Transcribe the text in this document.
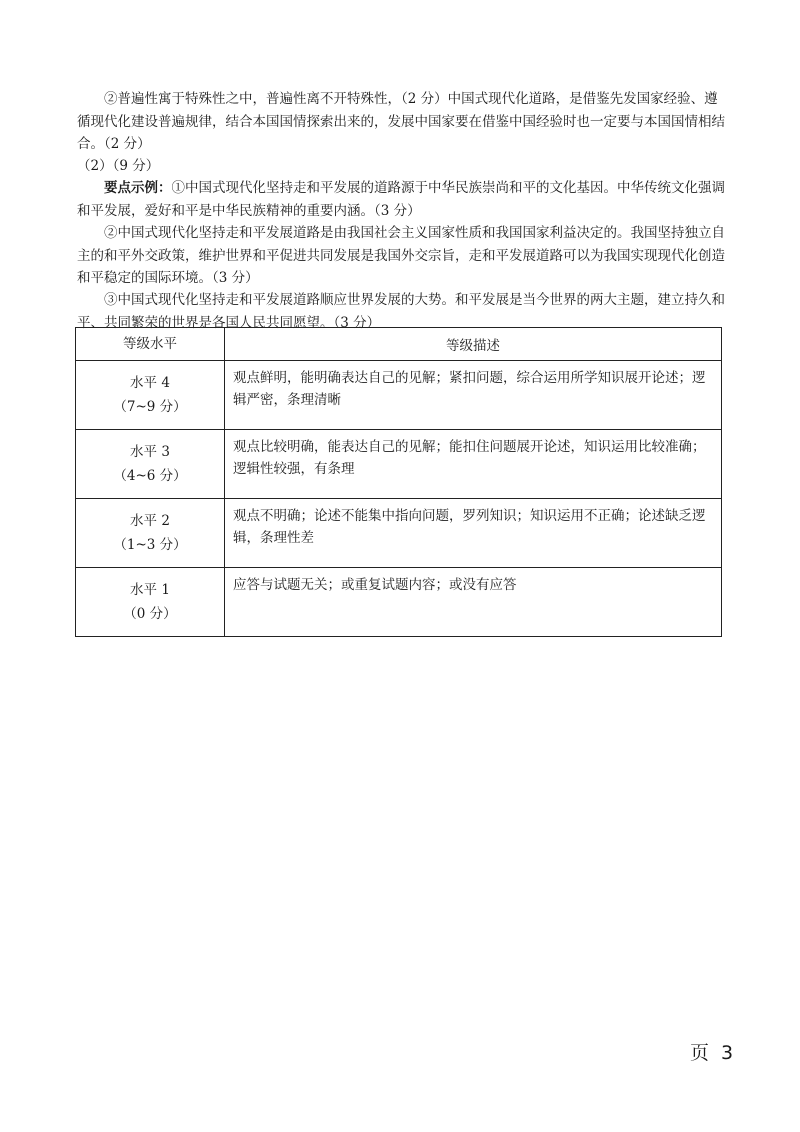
②普遍性寓于特殊性之中，普遍性离不开特殊性，（2 分）中国式现代化道路，是借鉴先发国家经验、遵循现代化建设普遍规律，结合本国国情探索出来的，发展中国家要在借鉴中国经验时也一定要与本国国情相结合。（2 分）

（2）（9 分）

要点示例：①中国式现代化坚持走和平发展的道路源于中华民族崇尚和平的文化基因。中华传统文化强调和平发展，爱好和平是中华民族精神的重要内涵。（3 分）

②中国式现代化坚持走和平发展道路是由我国社会主义国家性质和我国国家利益决定的。我国坚持独立自主的和平外交政策，维护世界和平促进共同发展是我国外交宗旨，走和平发展道路可以为我国实现现代化创造和平稳定的国际环境。（3 分）

③中国式现代化坚持走和平发展道路顺应世界发展的大势。和平发展是当今世界的两大主题，建立持久和平、共同繁荣的世界是各国人民共同愿望。（3 分）

等级水平	等级描述

水平 4
（7~9 分）	观点鲜明，能明确表达自己的见解；紧扣问题，综合运用所学知识展开论述；逻辑严密，条理清晰

水平 3
（4~6 分）	观点比较明确，能表达自己的见解；能扣住问题展开论述，知识运用比较准确；逻辑性较强，有条理

水平 2
（1~3 分）	观点不明确；论述不能集中指向问题，罗列知识；知识运用不正确；论述缺乏逻辑，条理性差

水平 1
（0 分）	应答与试题无关；或重复试题内容；或没有应答
页 3
